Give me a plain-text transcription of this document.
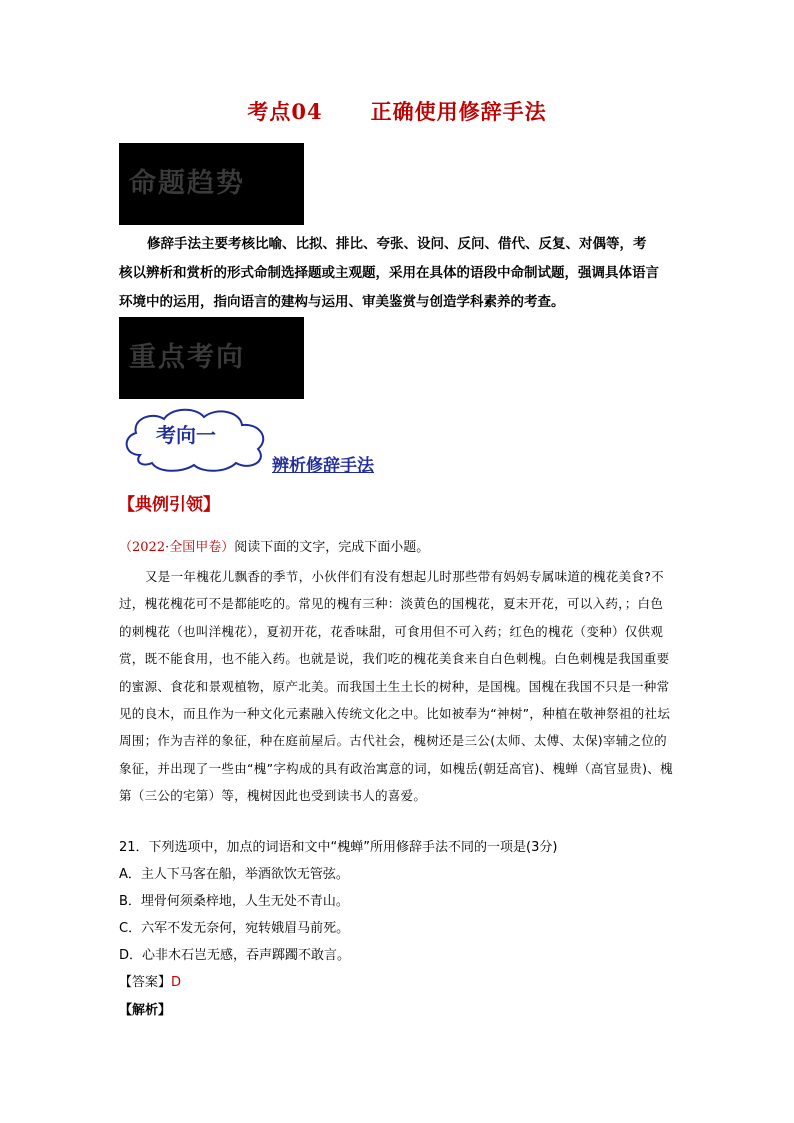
考点04 正确使用修辞手法
命题趋势
修辞手法主要考核比喻、比拟、排比、夸张、设问、反问、借代、反复、对偶等，考核以辨析和赏析的形式命制选择题或主观题，采用在具体的语段中命制试题，强调具体语言环境中的运用，指向语言的建构与运用、审美鉴赏与创造学科素养的考查。
重点考向
考向一
辨析修辞手法
【典例引领】
（2022·全国甲卷）阅读下面的文字，完成下面小题。
又是一年槐花儿飘香的季节，小伙伴们有没有想起儿时那些带有妈妈专属味道的槐花美食?不过，槐花槐花可不是都能吃的。常见的槐有三种：淡黄色的国槐花，夏末开花，可以入药，；白色的刺槐花（也叫洋槐花），夏初开花，花香味甜，可食用但不可入药；红色的槐花（变种）仅供观赏，既不能食用，也不能入药。也就是说，我们吃的槐花美食来自白色刺槐。白色刺槐是我国重要的蜜源、食花和景观植物，原产北美。而我国土生土长的树种，是国槐。国槐在我国不只是一种常见的良木，而且作为一种文化元素融入传统文化之中。比如被奉为“神树”，种植在敬神祭祖的社坛周围；作为吉祥的象征，种在庭前屋后。古代社会，槐树还是三公(太师、太傅、太保)宰辅之位的象征，并出现了一些由“槐”字构成的具有政治寓意的词，如槐岳(朝廷高官)、槐蝉（高官显贵)、槐第（三公的宅第）等，槐树因此也受到读书人的喜爱。
21．下列选项中，加点的词语和文中“槐蝉”所用修辞手法不同的一项是(3分)
A．主人下马客在船，举酒欲饮无管弦。
B．埋骨何须桑梓地，人生无处不青山。
C．六军不发无奈何，宛转娥眉马前死。
D．心非木石岂无感，吞声踯躅不敢言。
【答案】D
【解析】
